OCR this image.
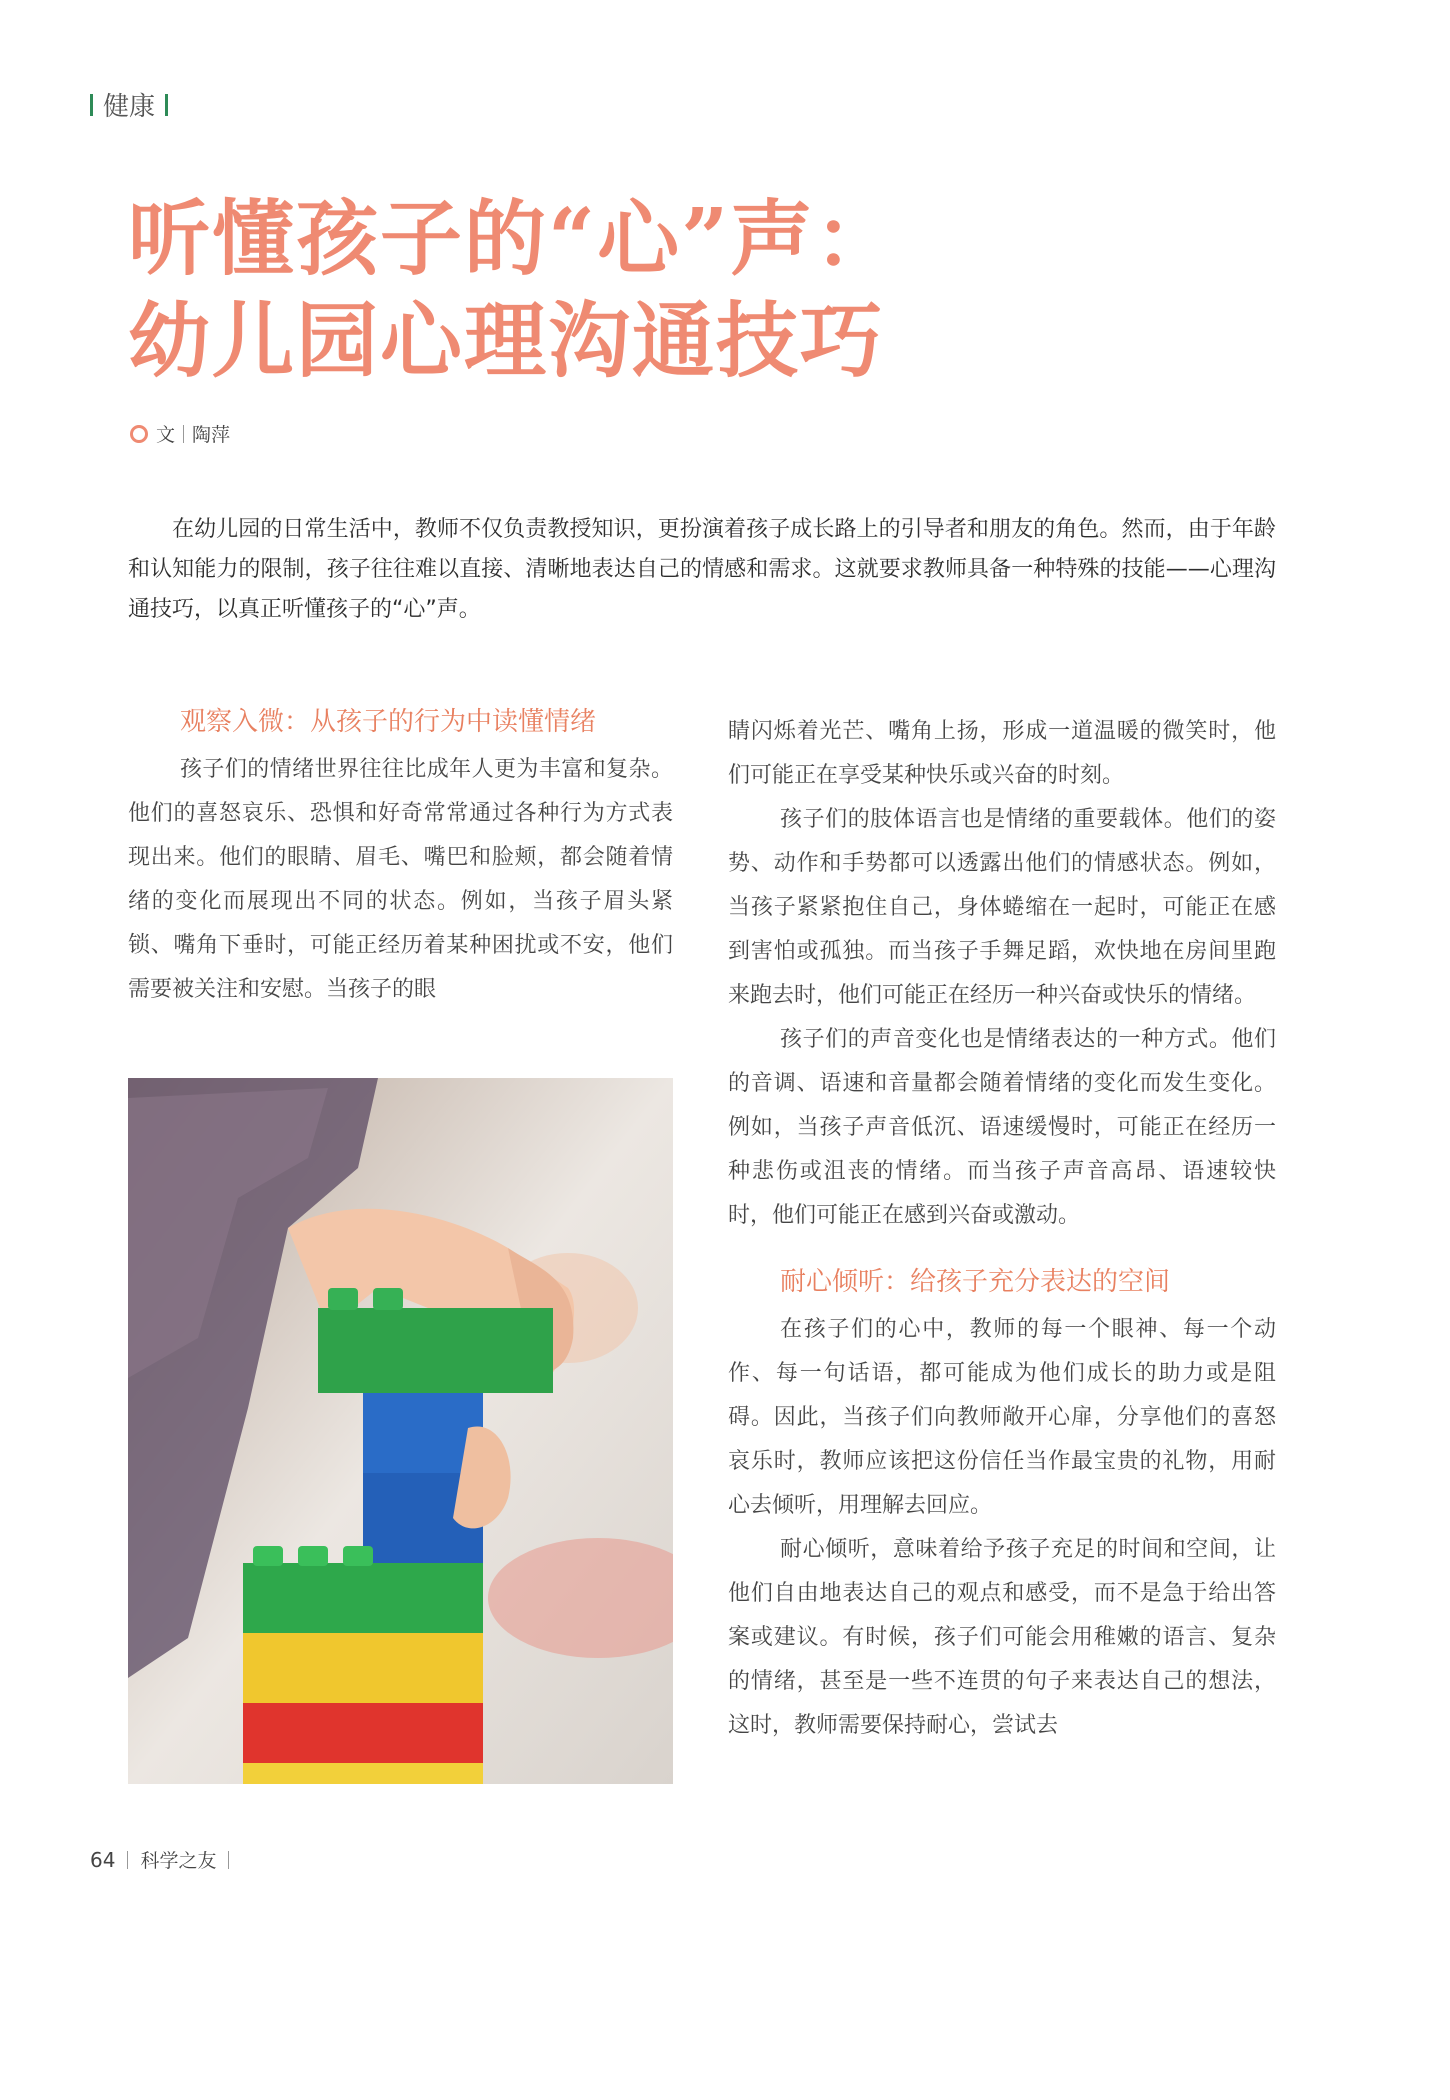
健康
听懂孩子的“心”声：
幼儿园心理沟通技巧
文 陶萍

在幼儿园的日常生活中，教师不仅负责教授知识，更扮演着孩子成长路上的引导者和朋友的角色。然而，由于年龄和认知能力的限制，孩子往往难以直接、清晰地表达自己的情感和需求。这就要求教师具备一种特殊的技能——心理沟通技巧，以真正听懂孩子的“心”声。

观察入微：从孩子的行为中读懂情绪

孩子们的情绪世界往往比成年人更为丰富和复杂。他们的喜怒哀乐、恐惧和好奇常常通过各种行为方式表现出来。他们的眼睛、眉毛、嘴巴和脸颊，都会随着情绪的变化而展现出不同的状态。例如，当孩子眉头紧锁、嘴角下垂时，可能正经历着某种困扰或不安，他们需要被关注和安慰。当孩子的眼

睛闪烁着光芒、嘴角上扬，形成一道温暖的微笑时，他们可能正在享受某种快乐或兴奋的时刻。

孩子们的肢体语言也是情绪的重要载体。他们的姿势、动作和手势都可以透露出他们的情感状态。例如，当孩子紧紧抱住自己，身体蜷缩在一起时，可能正在感到害怕或孤独。而当孩子手舞足蹈，欢快地在房间里跑来跑去时，他们可能正在经历一种兴奋或快乐的情绪。

孩子们的声音变化也是情绪表达的一种方式。他们的音调、语速和音量都会随着情绪的变化而发生变化。例如，当孩子声音低沉、语速缓慢时，可能正在经历一种悲伤或沮丧的情绪。而当孩子声音高昂、语速较快时，他们可能正在感到兴奋或激动。

耐心倾听：给孩子充分表达的空间

在孩子们的心中，教师的每一个眼神、每一个动作、每一句话语，都可能成为他们成长的助力或是阻碍。因此，当孩子们向教师敞开心扉，分享他们的喜怒哀乐时，教师应该把这份信任当作最宝贵的礼物，用耐心去倾听，用理解去回应。

耐心倾听，意味着给予孩子充足的时间和空间，让他们自由地表达自己的观点和感受，而不是急于给出答案或建议。有时候，孩子们可能会用稚嫩的语言、复杂的情绪，甚至是一些不连贯的句子来表达自己的想法，这时，教师需要保持耐心，尝试去

64 科学之友
